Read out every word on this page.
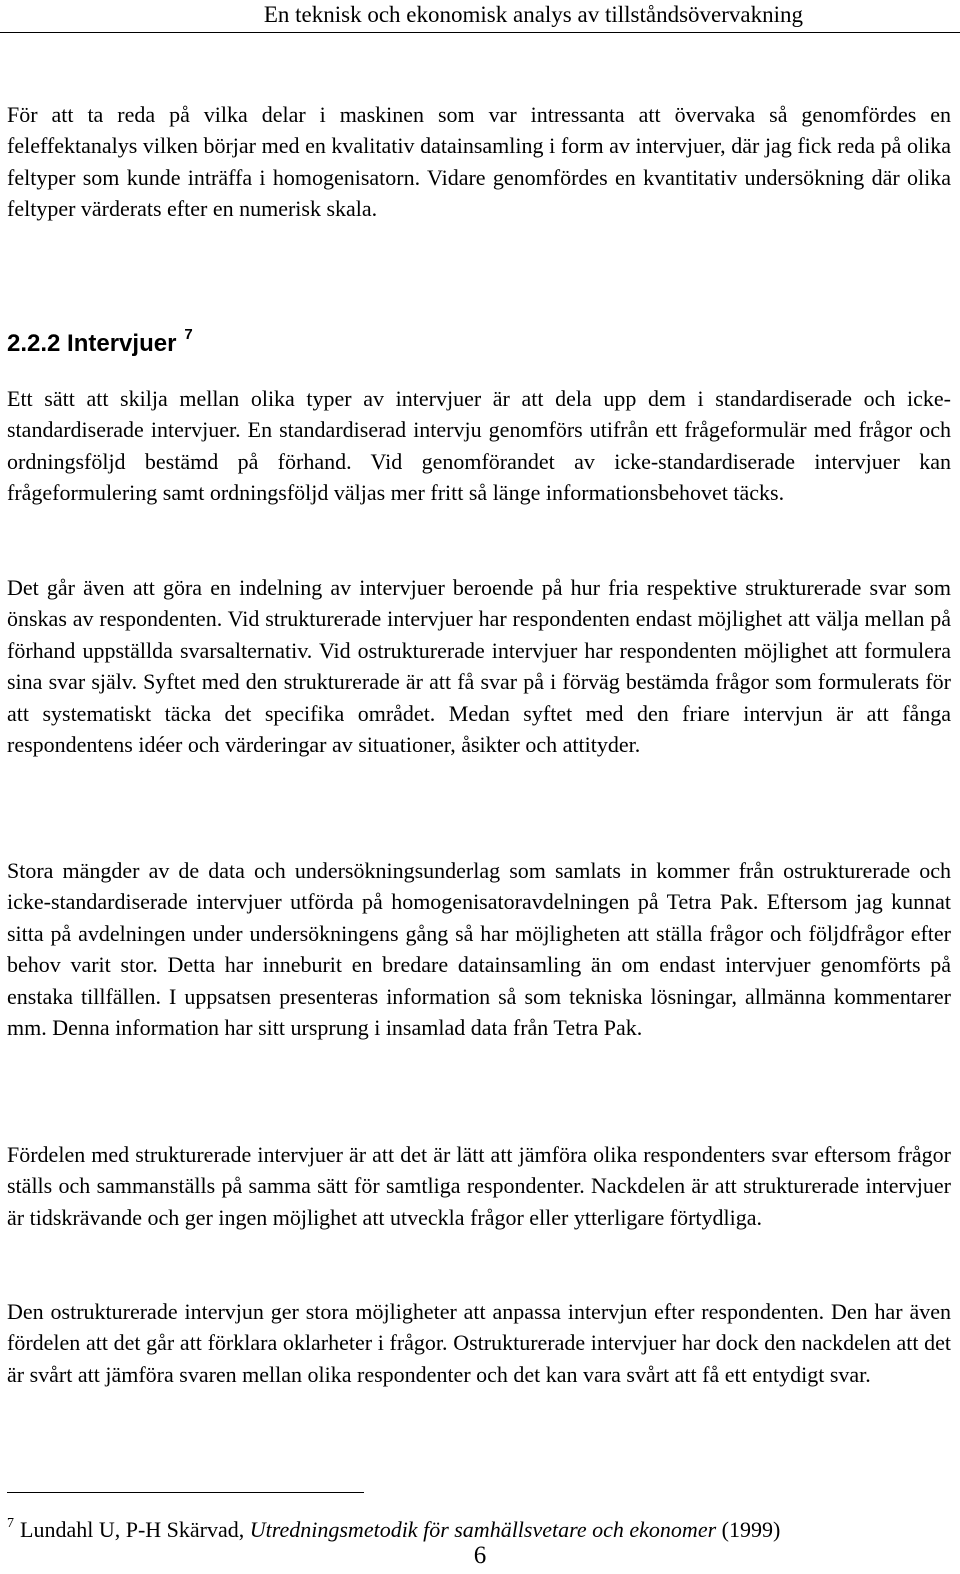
En teknisk och ekonomisk analys av tillståndsövervakning

För att ta reda på vilka delar i maskinen som var intressanta att övervaka så genomfördes en feleffektanalys vilken börjar med en kvalitativ datainsamling i form av intervjuer, där jag fick reda på olika feltyper som kunde inträffa i homogenisatorn. Vidare genomfördes en kvantitativ undersökning där olika feltyper värderats efter en numerisk skala.

2.2.2 Intervjuer $^7$

Ett sätt att skilja mellan olika typer av intervjuer är att dela upp dem i standardiserade och icke-standardiserade intervjuer. En standardiserad intervju genomförs utifrån ett frågeformulär med frågor och ordningsföljd bestämd på förhand. Vid genomförandet av icke-standardiserade intervjuer kan frågeformulering samt ordningsföljd väljas mer fritt så länge informationsbehovet täcks.

Det går även att göra en indelning av intervjuer beroende på hur fria respektive strukturerade svar som önskas av respondenten. Vid strukturerade intervjuer har respondenten endast möjlighet att välja mellan på förhand uppställda svarsalternativ. Vid ostrukturerade intervjuer har respondenten möjlighet att formulera sina svar själv. Syftet med den strukturerade är att få svar på i förväg bestämda frågor som formulerats för att systematiskt täcka det specifika området. Medan syftet med den friare intervjun är att fånga respondentens idéer och värderingar av situationer, åsikter och attityder.

Stora mängder av de data och undersökningsunderlag som samlats in kommer från ostrukturerade och icke-standardiserade intervjuer utförda på homogenisatoravdelningen på Tetra Pak. Eftersom jag kunnat sitta på avdelningen under undersökningens gång så har möjligheten att ställa frågor och följdfrågor efter behov varit stor. Detta har inneburit en bredare datainsamling än om endast intervjuer genomförts på enstaka tillfällen. I uppsatsen presenteras information så som tekniska lösningar, allmänna kommentarer mm. Denna information har sitt ursprung i insamlad data från Tetra Pak.

Fördelen med strukturerade intervjuer är att det är lätt att jämföra olika respondenters svar eftersom frågor ställs och sammanställs på samma sätt för samtliga respondenter. Nackdelen är att strukturerade intervjuer är tidskrävande och ger ingen möjlighet att utveckla frågor eller ytterligare förtydliga.

Den ostrukturerade intervjun ger stora möjligheter att anpassa intervjun efter respondenten. Den har även fördelen att det går att förklara oklarheter i frågor. Ostrukturerade intervjuer har dock den nackdelen att det är svårt att jämföra svaren mellan olika respondenter och det kan vara svårt att få ett entydigt svar.

$^7$ Lundahl U, P-H Skärvad, Utredningsmetodik för samhällsvetare och ekonomer (1999)

6
